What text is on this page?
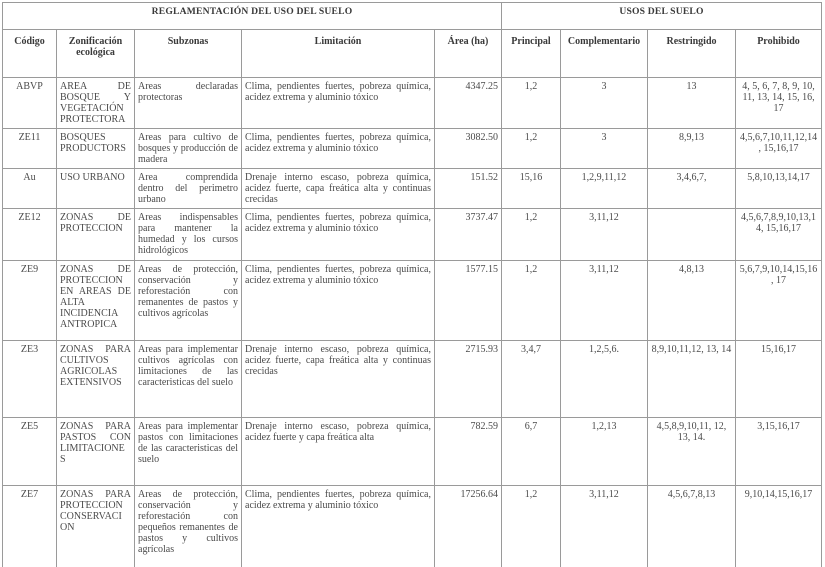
REGLAMENTACIÓN DEL USO DEL SUELO					USOS DEL SUELO			
Código	Zonificación ecológica	Subzonas	Limitación	Área (ha)	Principal	Complementario	Restringido	Prohibido
ABVP	AREA DE BOSQUE Y VEGETACIÓN PROTECTORA	Areas declaradas protectoras	Clima, pendientes fuertes, pobreza química, acidez extrema y aluminio tóxico	4347.25	1,2	3	13	4, 5, 6, 7, 8, 9, 10, 11, 13, 14, 15, 16, 17
ZE11	BOSQUES PRODUCTORS	Areas para cultivo de bosques y producción de madera	Clima, pendientes fuertes, pobreza química, acidez extrema y aluminio tóxico	3082.50	1,2	3	8,9,13	4,5,6,7,10,11,12,14, 15,16,17
Au	USO URBANO	Area comprendida dentro del perimetro urbano	Drenaje interno escaso, pobreza química, acidez fuerte, capa freática alta y continuas crecidas	151.52	15,16	1,2,9,11,12	3,4,6,7,	5,8,10,13,14,17
ZE12	ZONAS DE PROTECCION	Areas indispensables para mantener la humedad y los cursos hidrológicos	Clima, pendientes fuertes, pobreza química, acidez extrema y aluminio tóxico	3737.47	1,2	3,11,12		4,5,6,7,8,9,10,13,14, 15,16,17
ZE9	ZONAS DE PROTECCION EN AREAS DE ALTA INCIDENCIA ANTROPICA	Areas de protección, conservación y reforestación con remanentes de pastos y cultivos agrícolas	Clima, pendientes fuertes, pobreza química, acidez extrema y aluminio tóxico	1577.15	1,2	3,11,12	4,8,13	5,6,7,9,10,14,15,16, 17
ZE3	ZONAS PARA CULTIVOS AGRICOLAS EXTENSIVOS	Areas para implementar cultivos agrícolas con limitaciones de las caracteristicas del suelo	Drenaje interno escaso, pobreza química, acidez fuerte, capa freática alta y continuas crecidas	2715.93	3,4,7	1,2,5,6.	8,9,10,11,12, 13, 14	15,16,17
ZE5	ZONAS PARA PASTOS CON LIMITACIONE S	Areas para implementar pastos con limitaciones de las caracteristicas del suelo	Drenaje interno escaso, pobreza química, acidez fuerte y capa freática alta	782.59	6,7	1,2,13	4,5,8,9,10,11, 12, 13, 14.	3,15,16,17
ZE7	ZONAS PARA PROTECCION CONSERVACI ON	Areas de protección, conservación y reforestación con pequeños remanentes de pastos y cultivos agrícolas	Clima, pendientes fuertes, pobreza química, acidez extrema y aluminio tóxico	17256.64	1,2	3,11,12	4,5,6,7,8,13	9,10,14,15,16,17
